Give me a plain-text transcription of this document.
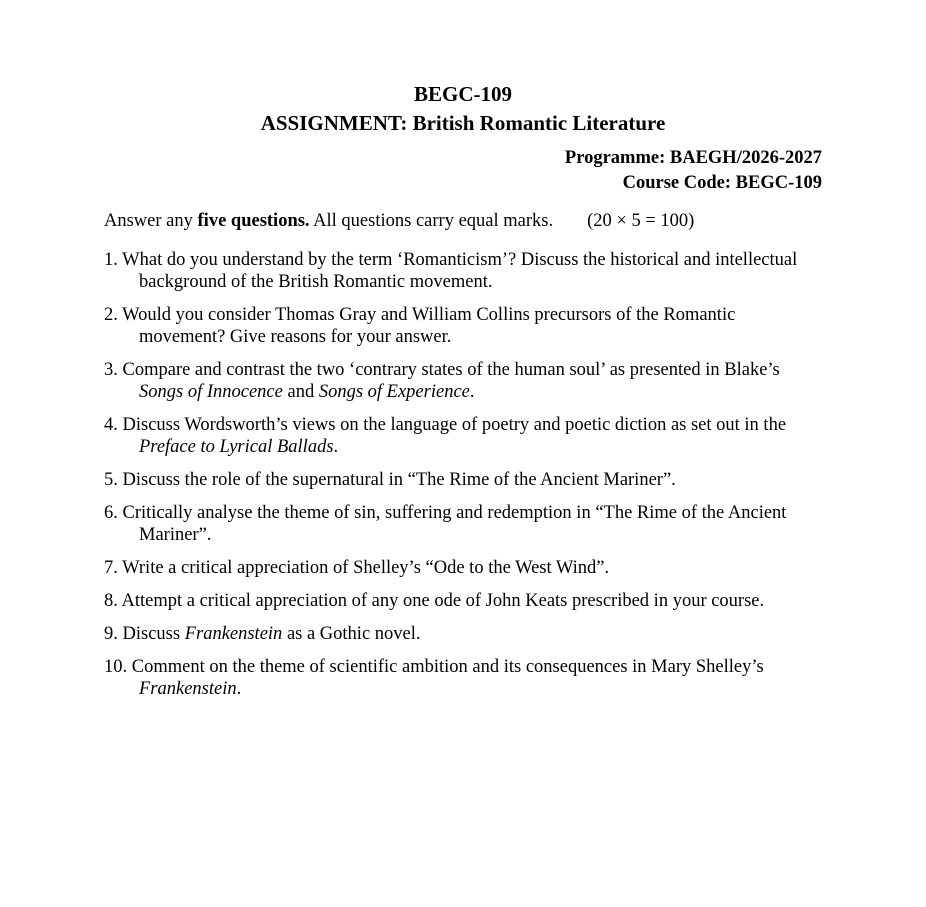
BEGC-109
ASSIGNMENT: British Romantic Literature
Programme: BAEGH/2026-2027
Course Code: BEGC-109
Answer any five questions. All questions carry equal marks. (20 × 5 = 100)
1. What do you understand by the term ‘Romanticism’? Discuss the historical and intellectual background of the British Romantic movement.
2. Would you consider Thomas Gray and William Collins precursors of the Romantic movement? Give reasons for your answer.
3. Compare and contrast the two ‘contrary states of the human soul’ as presented in Blake’s Songs of Innocence and Songs of Experience.
4. Discuss Wordsworth’s views on the language of poetry and poetic diction as set out in the Preface to Lyrical Ballads.
5. Discuss the role of the supernatural in “The Rime of the Ancient Mariner”.
6. Critically analyse the theme of sin, suffering and redemption in “The Rime of the Ancient Mariner”.
7. Write a critical appreciation of Shelley’s “Ode to the West Wind”.
8. Attempt a critical appreciation of any one ode of John Keats prescribed in your course.
9. Discuss Frankenstein as a Gothic novel.
10. Comment on the theme of scientific ambition and its consequences in Mary Shelley’s Frankenstein.
